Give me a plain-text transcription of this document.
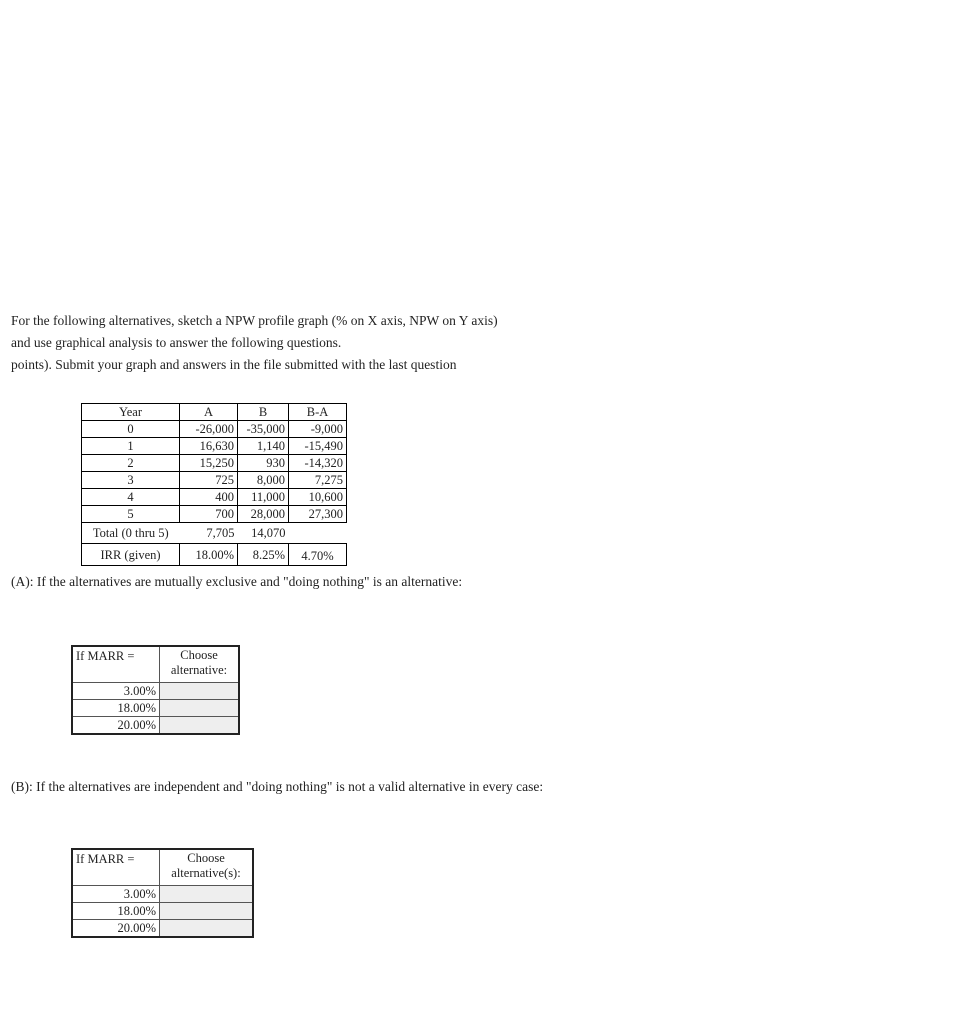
For the following alternatives, sketch a NPW profile graph (% on X axis, NPW on Y axis)

and use graphical analysis to answer the following questions.

points). Submit your graph and answers in the file submitted with the last question

Year	A	B	B-A
0	-26,000	-35,000	-9,000
1	16,630	1,140	-15,490
2	15,250	930	-14,320
3	725	8,000	7,275
4	400	11,000	10,600
5	700	28,000	27,300
Total (0 thru 5)	7,705	14,070	
IRR (given)	18.00%	8.25%	4.70%
(A): If the alternatives are mutually exclusive and "doing nothing" is an alternative:
If MARR =	Choose
alternative:
3.00%	
18.00%	
20.00%	
(B): If the alternatives are independent and "doing nothing" is not a valid alternative in every case:
If MARR =	Choose
alternative(s):
3.00%	
18.00%	
20.00%	
